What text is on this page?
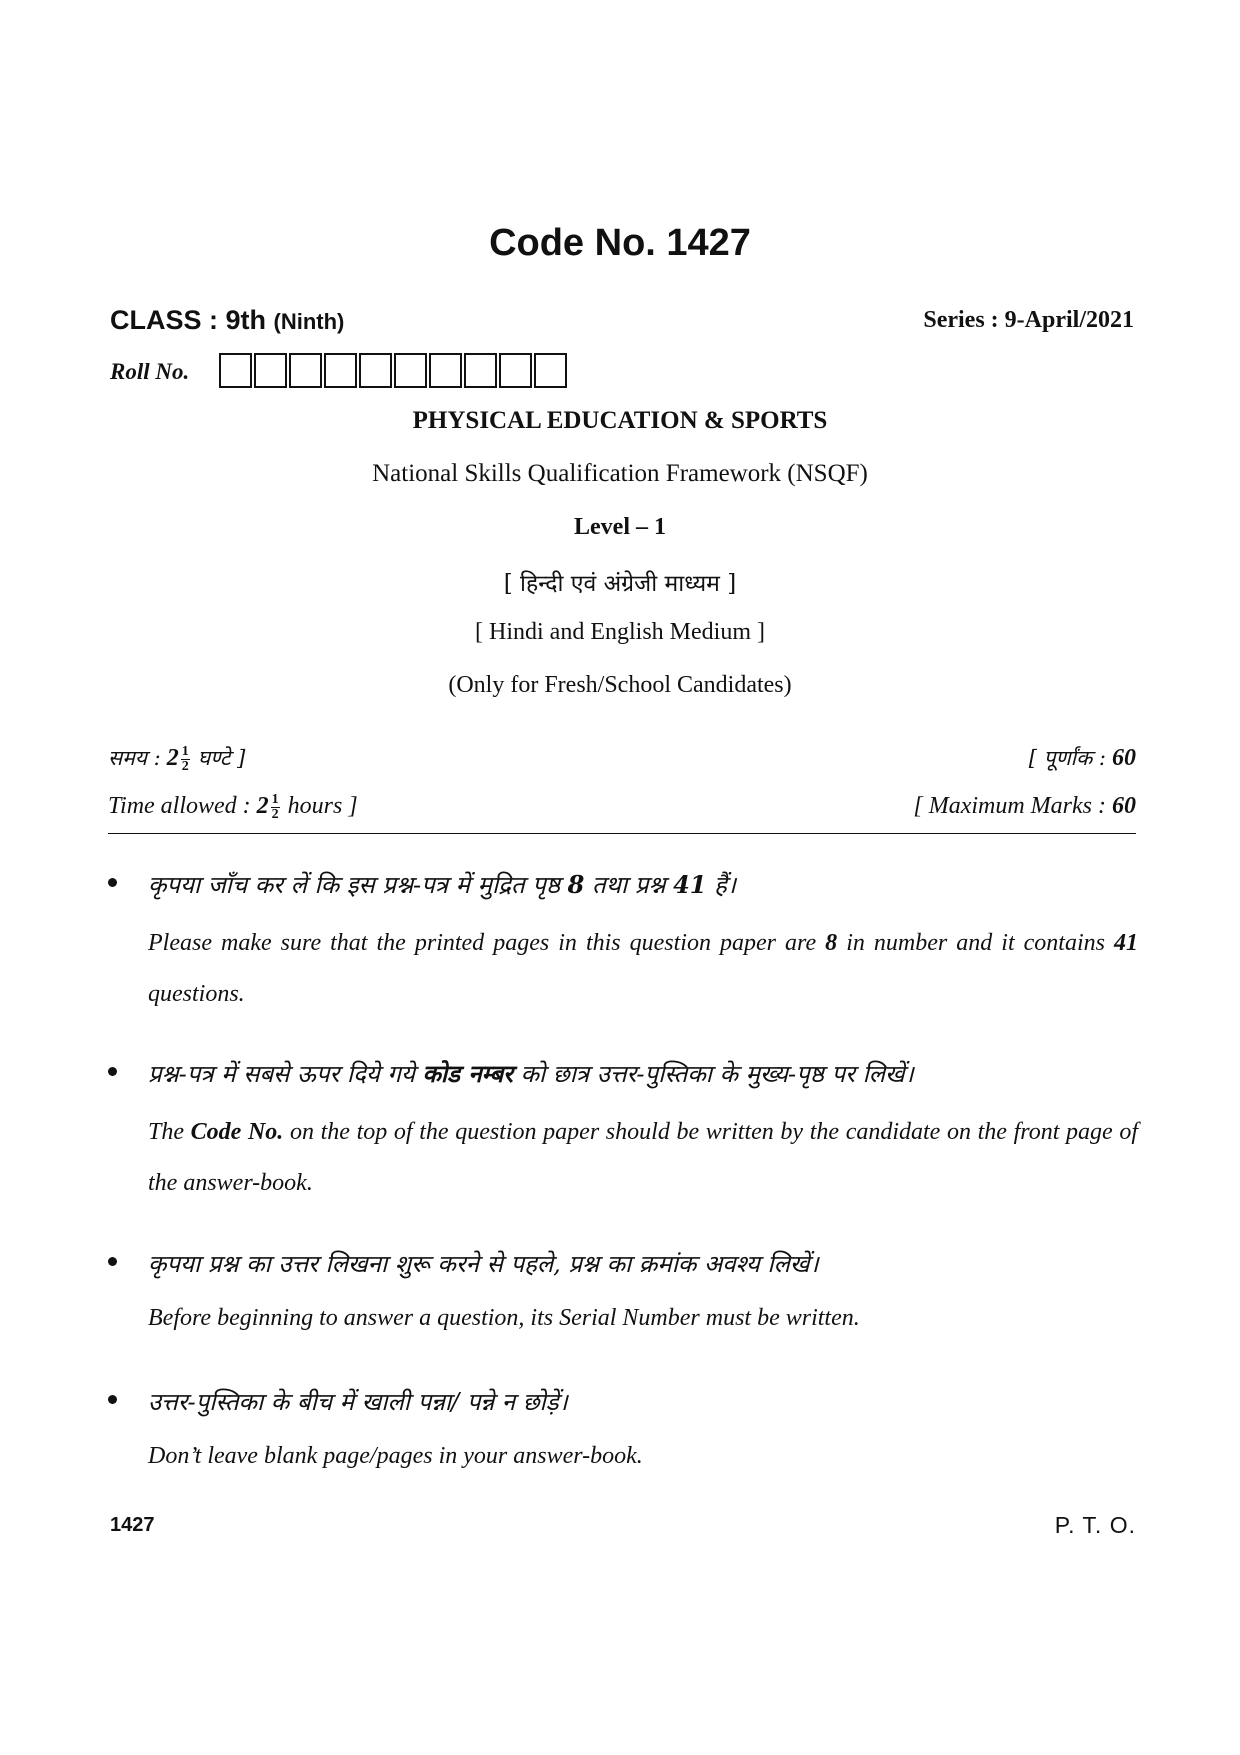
Code No. 1427
CLASS : 9th (Ninth)	Series : 9-April/2021
Roll No.
PHYSICAL EDUCATION & SPORTS
National Skills Qualification Framework (NSQF)
Level – 1
[ हिन्दी एवं अंग्रेजी माध्यम ]
[ Hindi and English Medium ]
(Only for Fresh/School Candidates)
समय : $2 \frac{1}{2}$ घण्टे ]	[ पूर्णांक : 60
Time allowed : $2 \frac{1}{2}$ hours ]	[ Maximum Marks : 60
कृपया जाँच कर लें कि इस प्रश्न-पत्र में मुद्रित पृष्ठ 8 तथा प्रश्न 41 हैं।
Please make sure that the printed pages in this question paper are 8 in number and it contains 41 questions.
प्रश्न-पत्र में सबसे ऊपर दिये गये कोड नम्बर को छात्र उत्तर-पुस्तिका के मुख्य-पृष्ठ पर लिखें।
The Code No. on the top of the question paper should be written by the candidate on the front page of the answer-book.
कृपया प्रश्न का उत्तर लिखना शुरू करने से पहले, प्रश्न का क्रमांक अवश्य लिखें।
Before beginning to answer a question, its Serial Number must be written.
उत्तर-पुस्तिका के बीच में खाली पन्ना/ पन्ने न छोड़ें।
Don’t leave blank page/pages in your answer-book.
1427	P. T. O.
